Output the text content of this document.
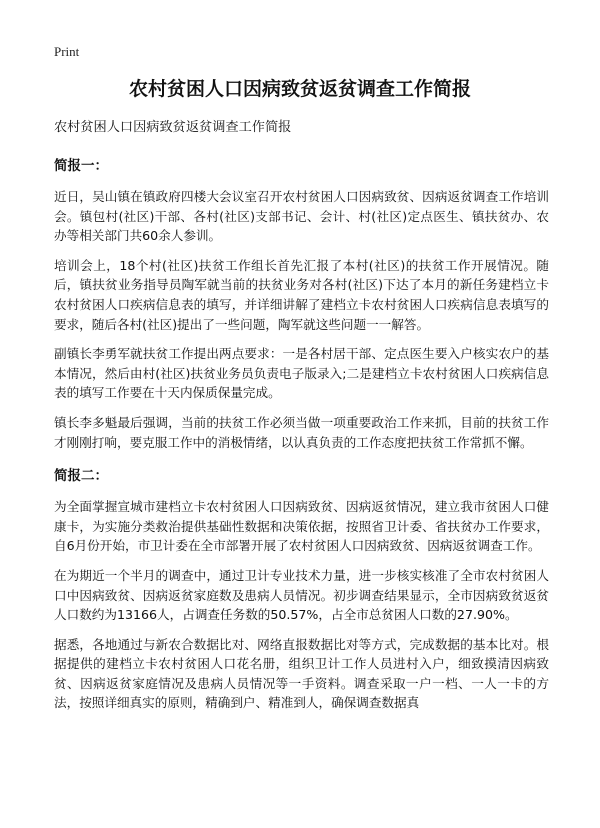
Print
农村贫困人口因病致贫返贫调查工作简报

农村贫困人口因病致贫返贫调查工作简报

简报一：

近日，吴山镇在镇政府四楼大会议室召开农村贫困人口因病致贫、因病返贫调查工作培训会。镇包村(社区)干部、各村(社区)支部书记、会计、村(社区)定点医生、镇扶贫办、农办等相关部门共60余人参训。

培训会上，18个村(社区)扶贫工作组长首先汇报了本村(社区)的扶贫工作开展情况。随后，镇扶贫业务指导员陶军就当前的扶贫业务对各村(社区)下达了本月的新任务建档立卡农村贫困人口疾病信息表的填写，并详细讲解了建档立卡农村贫困人口疾病信息表填写的要求，随后各村(社区)提出了一些问题，陶军就这些问题一一解答。

副镇长李勇军就扶贫工作提出两点要求：一是各村居干部、定点医生要入户核实农户的基本情况，然后由村(社区)扶贫业务员负责电子版录入;二是建档立卡农村贫困人口疾病信息表的填写工作要在十天内保质保量完成。

镇长李多魁最后强调，当前的扶贫工作必须当做一项重要政治工作来抓，目前的扶贫工作才刚刚打响，要克服工作中的消极情绪，以认真负责的工作态度把扶贫工作常抓不懈。

简报二：

为全面掌握宣城市建档立卡农村贫困人口因病致贫、因病返贫情况，建立我市贫困人口健康卡，为实施分类救治提供基础性数据和决策依据，按照省卫计委、省扶贫办工作要求，自6月份开始，市卫计委在全市部署开展了农村贫困人口因病致贫、因病返贫调查工作。

在为期近一个半月的调查中，通过卫计专业技术力量，进一步核实核准了全市农村贫困人口中因病致贫、因病返贫家庭数及患病人员情况。初步调查结果显示，全市因病致贫返贫人口数约为13166人，占调查任务数的50.57%，占全市总贫困人口数的27.90%。

据悉，各地通过与新农合数据比对、网络直报数据比对等方式，完成数据的基本比对。根据提供的建档立卡农村贫困人口花名册，组织卫计工作人员进村入户，细致摸清因病致贫、因病返贫家庭情况及患病人员情况等一手资料。调查采取一户一档、一人一卡的方法，按照详细真实的原则，精确到户、精准到人，确保调查数据真
